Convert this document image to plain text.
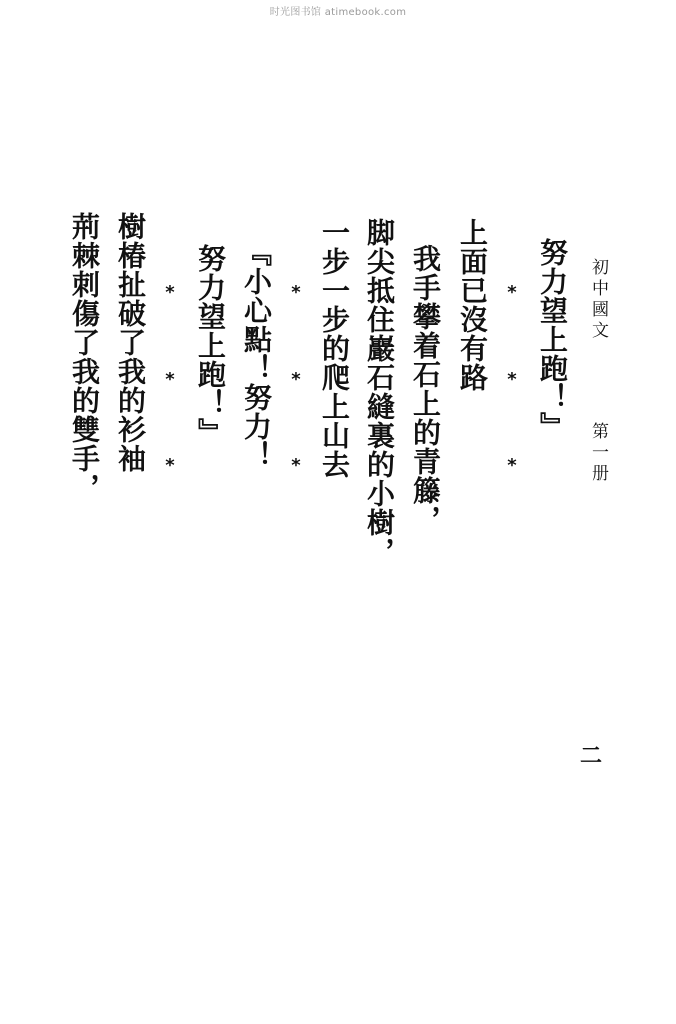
时光图书馆 atimebook.com
初中國文
第一册
努力望上跑！』
*
*
*
上面已沒有路
我手攀着石上的青籐，
脚尖抵住巖石縫裏的小樹，
一步一步的爬上山去
*
*
*
『小心點！努力！
努力望上跑！』
*
*
*
樹椿扯破了我的衫袖
荊棘刺傷了我的雙手，
二
